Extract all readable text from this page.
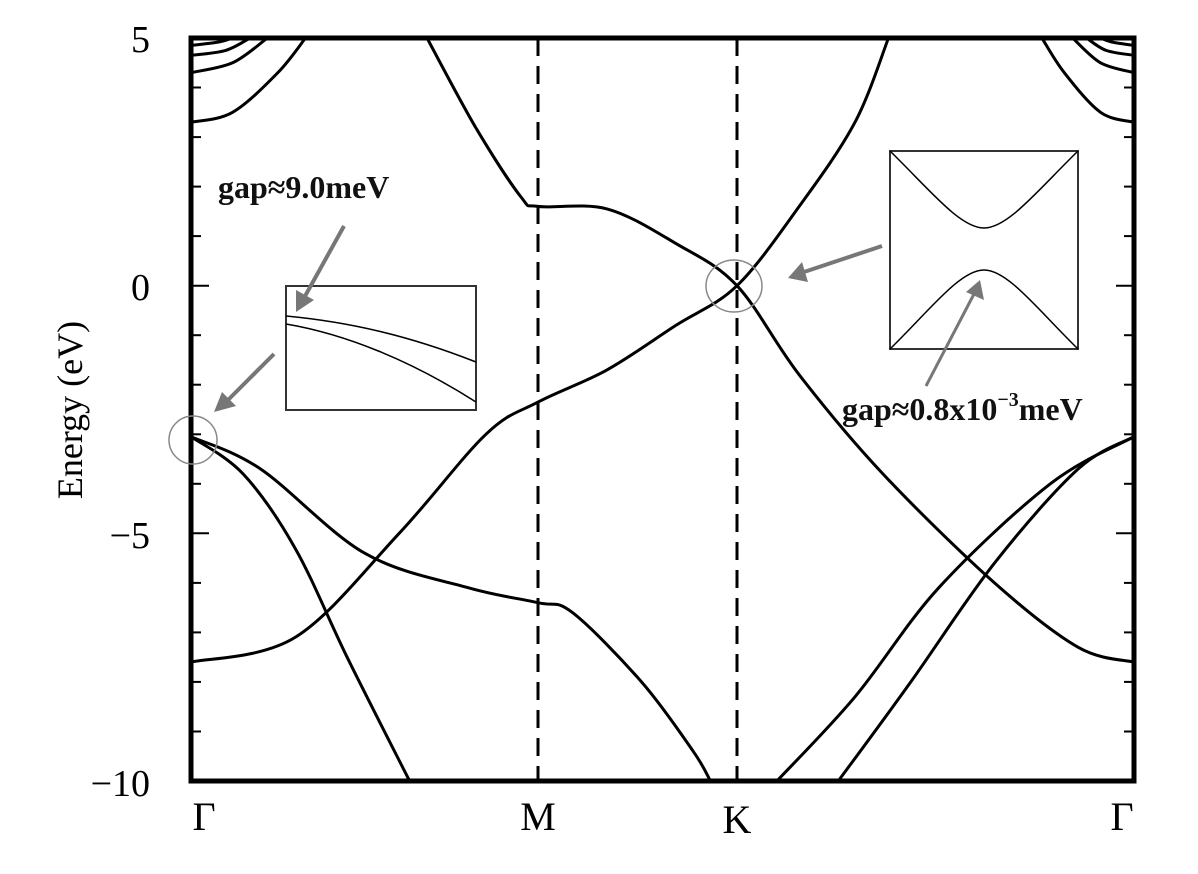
Energy (eV)
5
0
−5
−10
Γ	M	K	Γ
gap≈9.0meV
$gap\approx 0.8x10^{-3}meV$
